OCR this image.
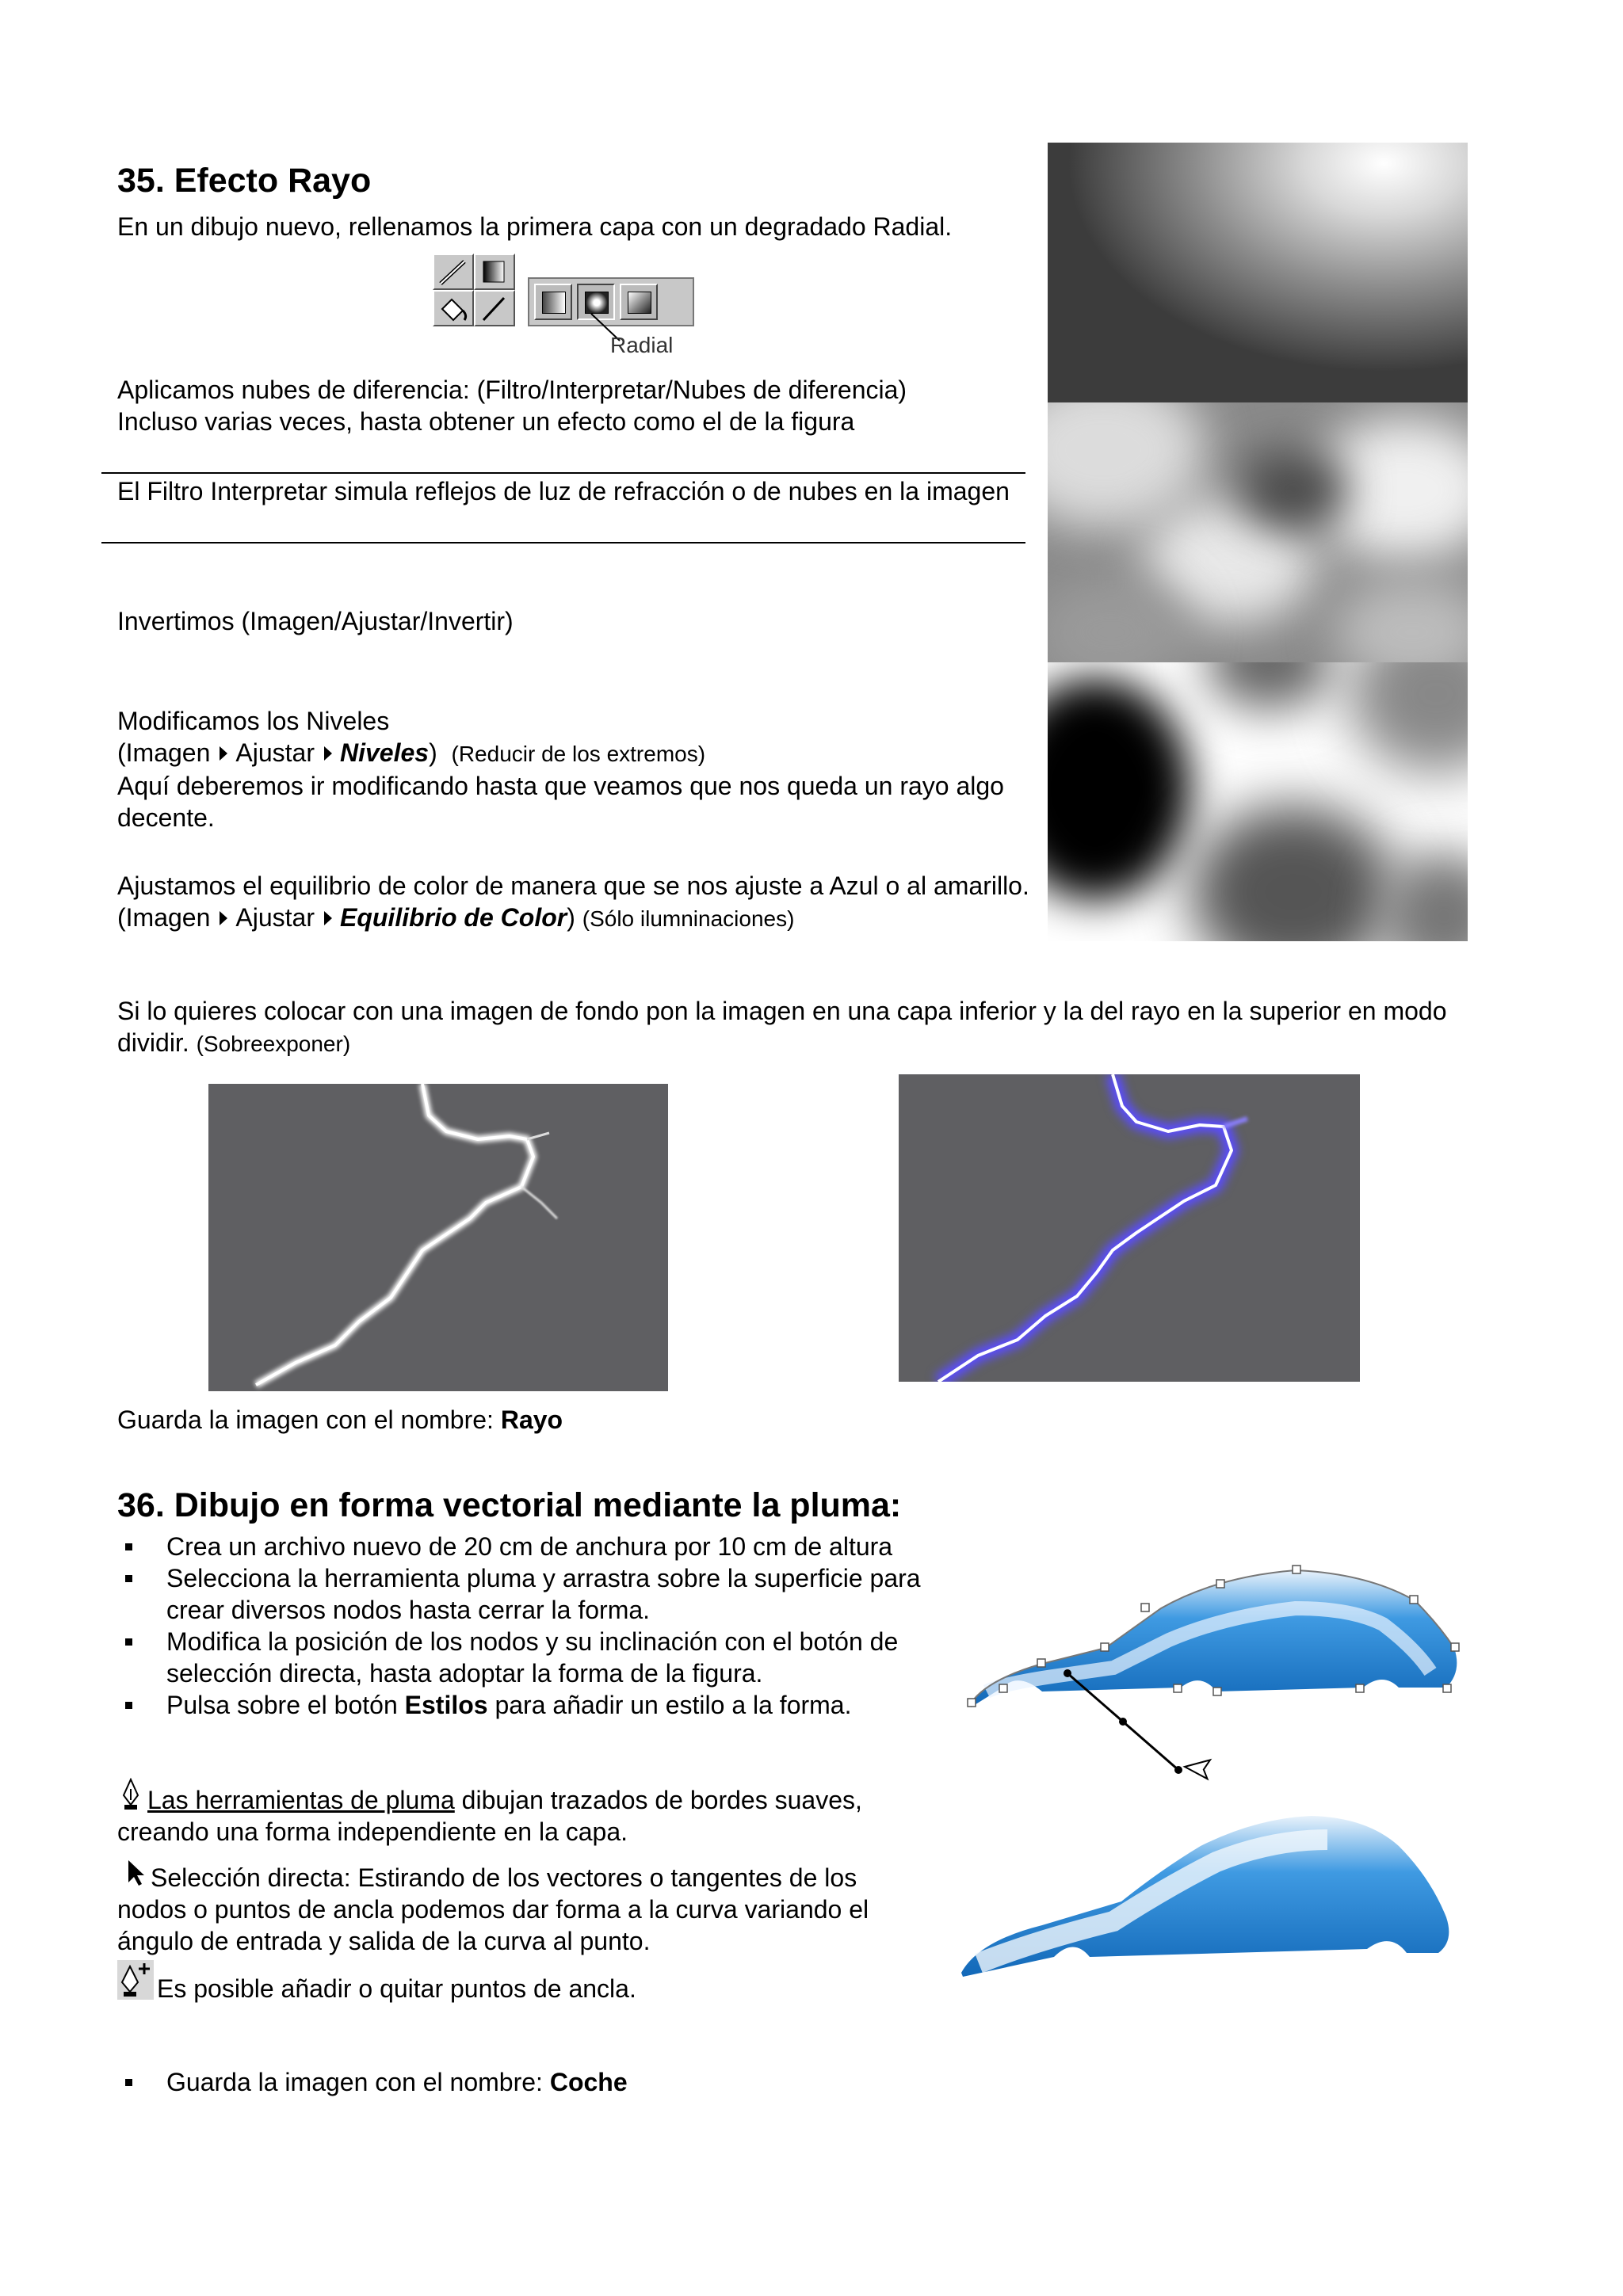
35. Efecto Rayo

En un dibujo nuevo, rellenamos la primera capa con un degradado Radial.

Radial

Aplicamos nubes de diferencia: (Filtro/Interpretar/Nubes de diferencia)

Incluso varias veces, hasta obtener un efecto como el de la figura

El Filtro Interpretar simula reflejos de luz de refracción o de nubes en la imagen

Invertimos (Imagen/Ajustar/Invertir)

Modificamos los Niveles

(Imagen Ajustar Niveles) (Reducir de los extremos)

Aquí deberemos ir modificando hasta que veamos que nos queda un rayo algo decente.

Ajustamos el equilibrio de color de manera que se nos ajuste a Azul o al amarillo.

(Imagen Ajustar Equilibrio de Color) (Sólo ilumninaciones)

Si lo quieres colocar con una imagen de fondo pon la imagen en una capa inferior y la del rayo en la superior en modo dividir. (Sobreexponer)

Guarda la imagen con el nombre: Rayo

36. Dibujo en forma vectorial mediante la pluma:
Crea un archivo nuevo de 20 cm de anchura por 10 cm de altura
Selecciona la herramienta pluma y arrastra sobre la superficie para crear diversos nodos hasta cerrar la forma.
Modifica la posición de los nodos y su inclinación con el botón de selección directa, hasta adoptar la forma de la figura.
Pulsa sobre el botón Estilos para añadir un estilo a la forma.

Las herramientas de pluma dibujan trazados de bordes suaves, creando una forma independiente en la capa.

Selección directa: Estirando de los vectores o tangentes de los nodos o puntos de ancla podemos dar forma a la curva variando el ángulo de entrada y salida de la curva al punto.

Es posible añadir o quitar puntos de ancla.

Guarda la imagen con el nombre: Coche
